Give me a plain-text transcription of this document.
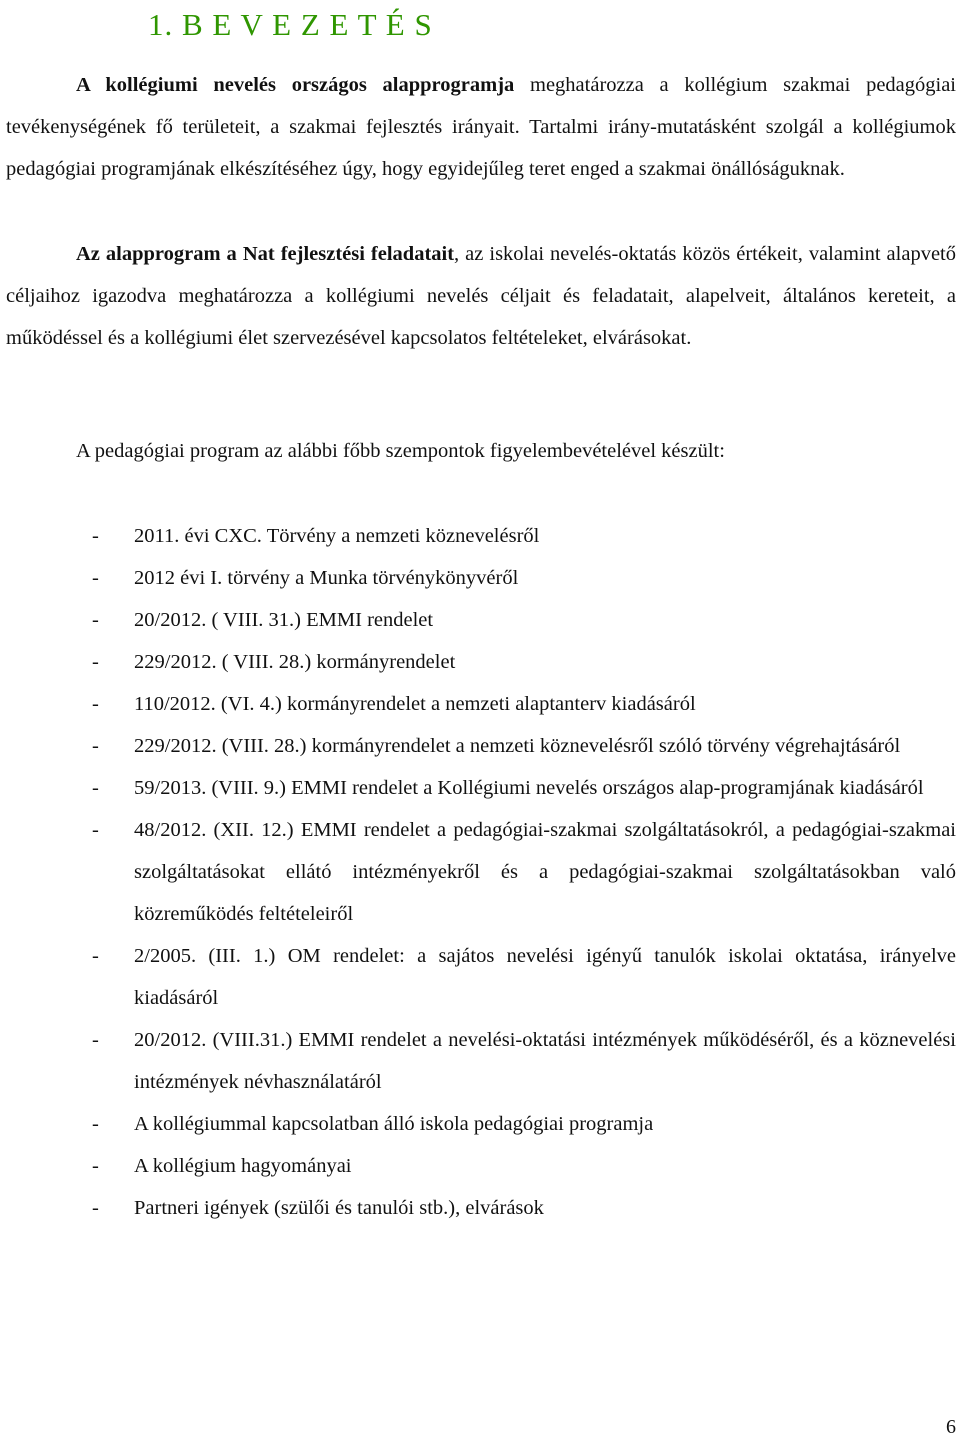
1. B E V E Z E T É S

A kollégiumi nevelés országos alapprogramja meghatározza a kollégium szakmai pedagógiai tevékenységének fő területeit, a szakmai fejlesztés irányait. Tartalmi irány-mutatásként szolgál a kollégiumok pedagógiai programjának elkészítéséhez úgy, hogy egyidejűleg teret enged a szakmai önállóságuknak.

Az alapprogram a Nat fejlesztési feladatait, az iskolai nevelés-oktatás közös értékeit, valamint alapvető céljaihoz igazodva meghatározza a kollégiumi nevelés céljait és feladatait, alapelveit, általános kereteit, a működéssel és a kollégiumi élet szervezésével kapcsolatos feltételeket, elvárásokat.

A pedagógiai program az alábbi főbb szempontok figyelembevételével készült:

- 2011. évi CXC. Törvény a nemzeti köznevelésről
- 2012 évi I. törvény a Munka törvénykönyvéről
- 20/2012. ( VIII. 31.) EMMI rendelet
- 229/2012. ( VIII. 28.) kormányrendelet
- 110/2012. (VI. 4.) kormányrendelet a nemzeti alaptanterv kiadásáról
- 229/2012. (VIII. 28.) kormányrendelet a nemzeti köznevelésről szóló törvény végrehajtásáról
- 59/2013. (VIII. 9.) EMMI rendelet a Kollégiumi nevelés országos alap-programjának kiadásáról
- 48/2012. (XII. 12.) EMMI rendelet a pedagógiai-szakmai szolgáltatásokról, a pedagógiai-szakmai szolgáltatásokat ellátó intézményekről és a pedagógiai-szakmai szolgáltatásokban való közreműködés feltételeiről
- 2/2005. (III. 1.) OM rendelet: a sajátos nevelési igényű tanulók iskolai oktatása, irányelve kiadásáról
- 20/2012. (VIII.31.) EMMI rendelet a nevelési-oktatási intézmények működéséről, és a köznevelési intézmények névhasználatáról
- A kollégiummal kapcsolatban álló iskola pedagógiai programja
- A kollégium hagyományai
- Partneri igények (szülői és tanulói stb.), elvárások

6
